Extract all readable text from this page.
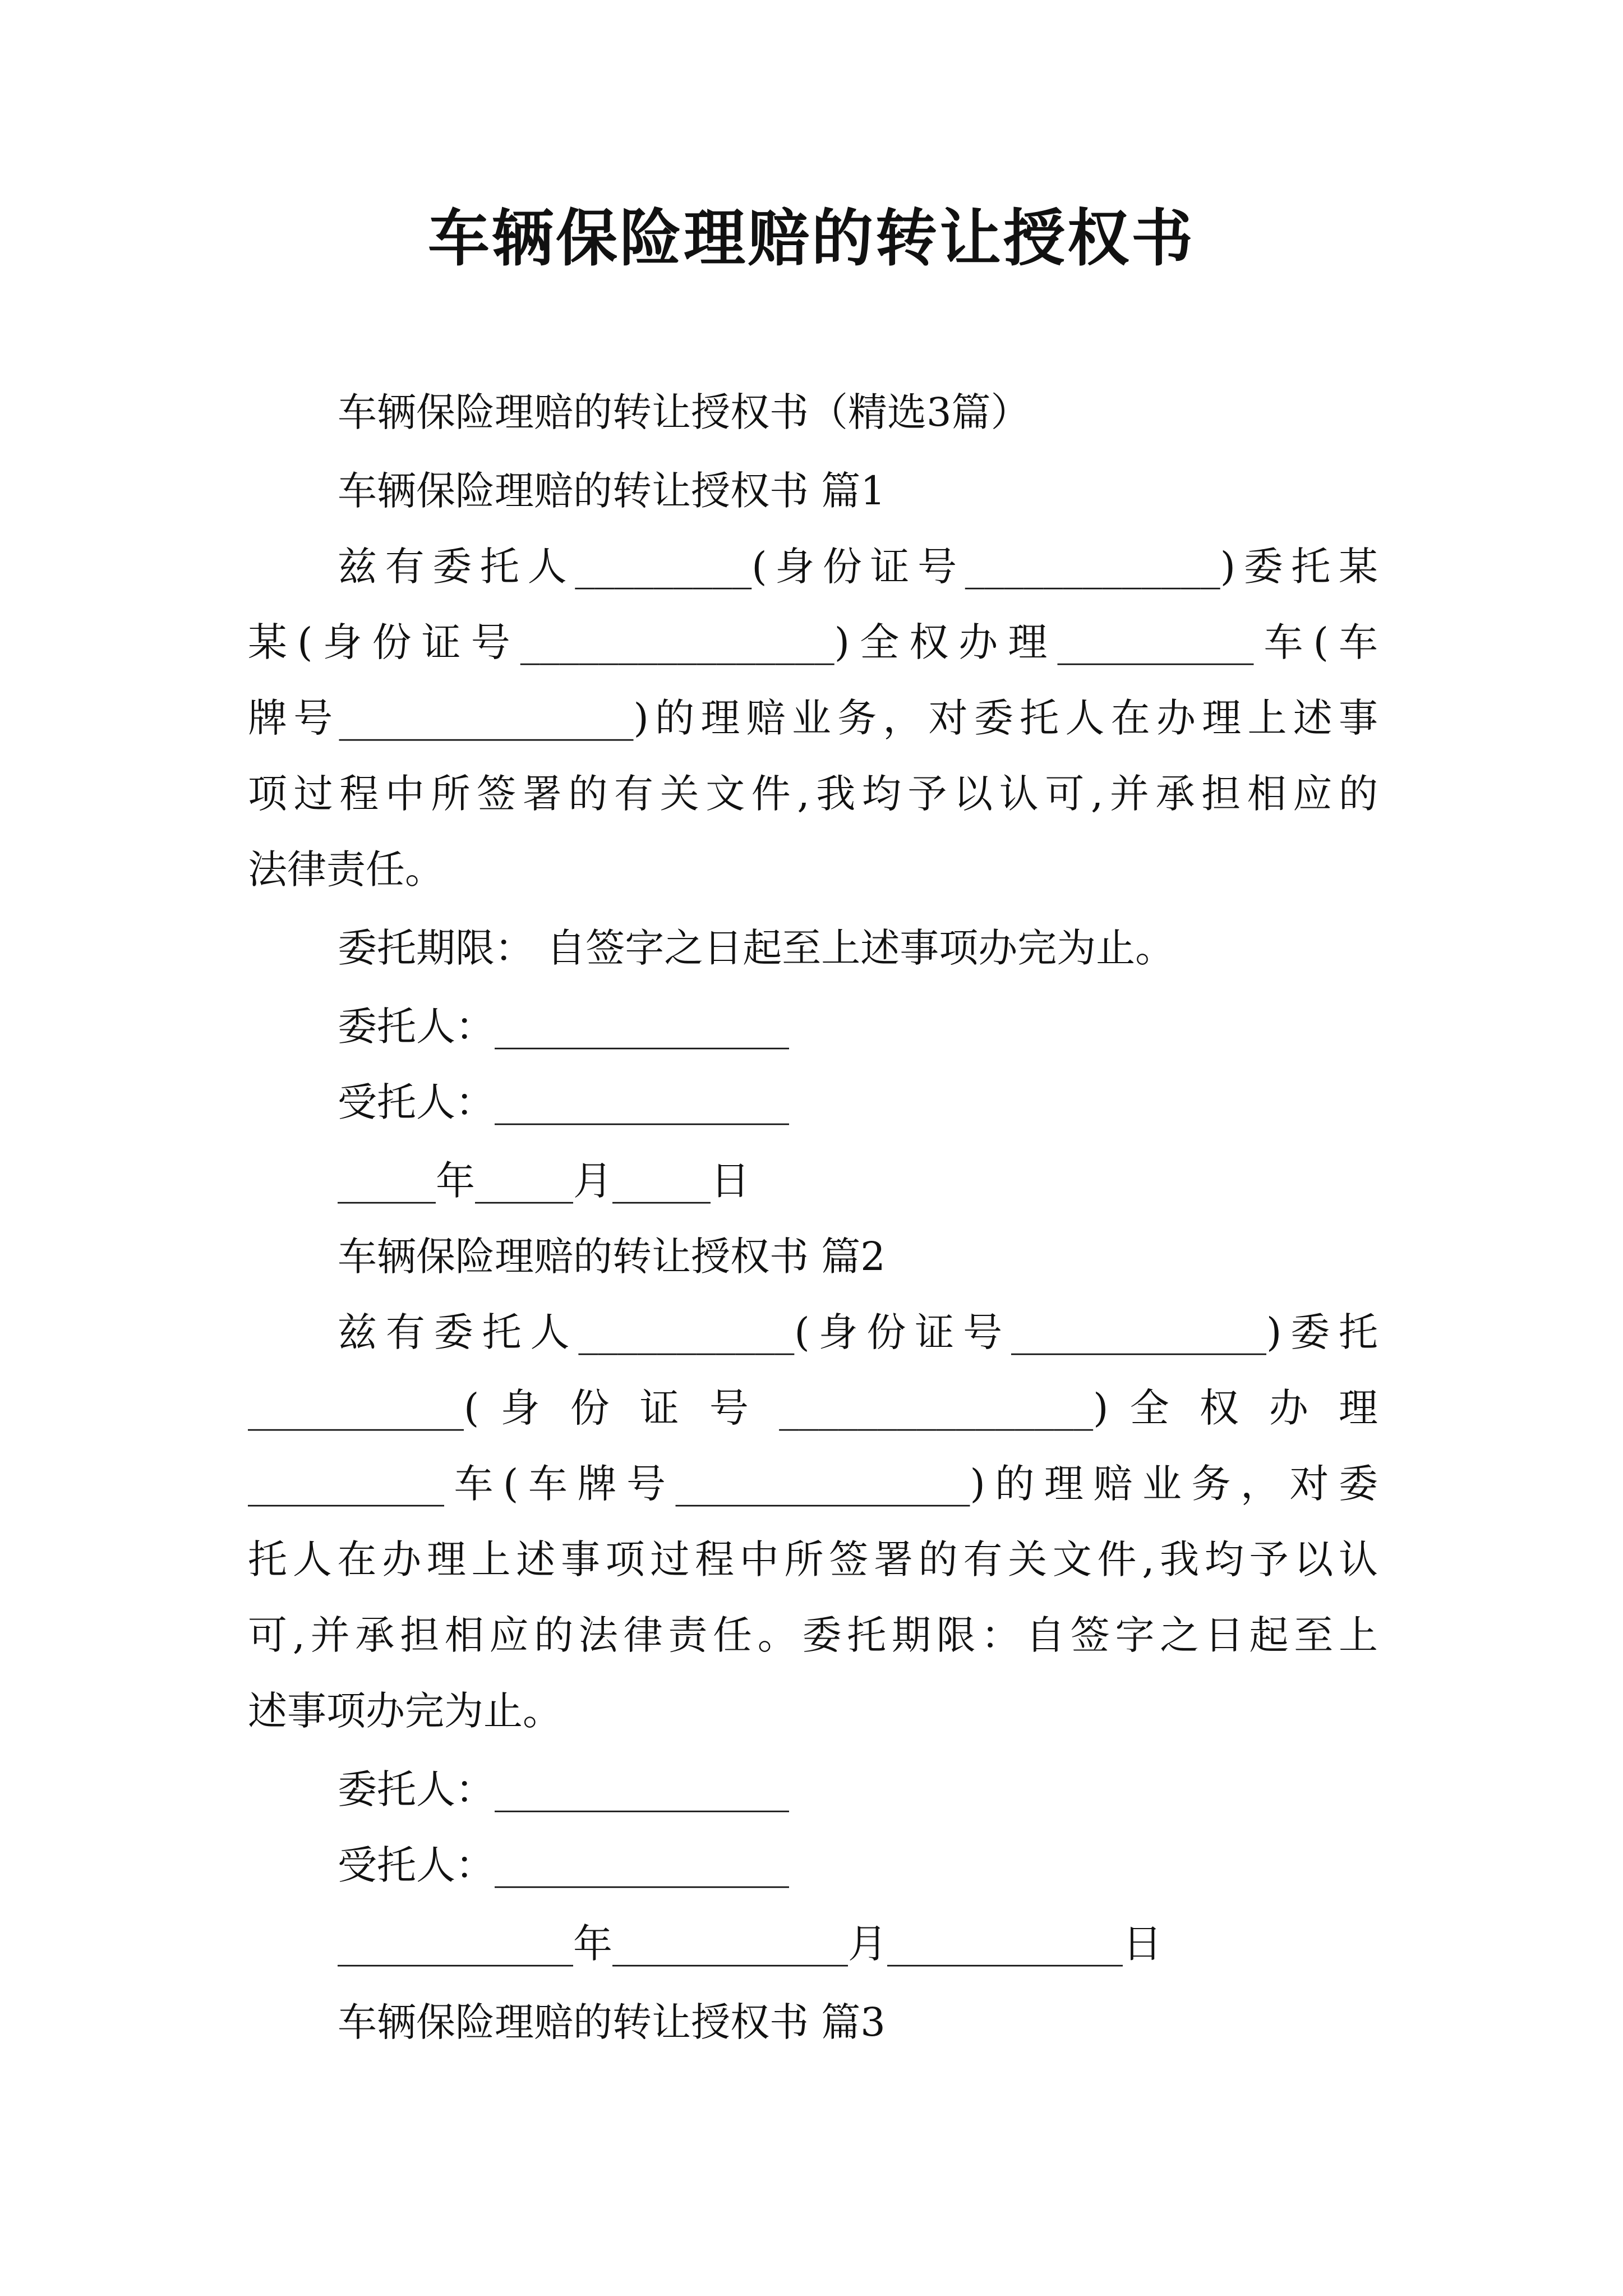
车辆保险理赔的转让授权书
车辆保险理赔的转让授权书（精选3篇）
车辆保险理赔的转让授权书 篇1
兹有委托人_________(身份证号_____________)委托某
某(身份证号________________)全权办理__________车(车
牌号_______________)的理赔业务，对委托人在办理上述事
项过程中所签署的有关文件,我均予以认可,并承担相应的
法律责任。
委托期限： 自签字之日起至上述事项办完为止。
委托人：_______________
受托人：_______________
_____年_____月_____日
车辆保险理赔的转让授权书 篇2
兹有委托人___________(身份证号_____________)委托
___________( 身 份 证 号 ________________) 全 权 办 理
__________车(车牌号_______________)的理赔业务，对委
托人在办理上述事项过程中所签署的有关文件,我均予以认
可,并承担相应的法律责任。委托期限：自签字之日起至上
述事项办完为止。
委托人：_______________
受托人：_______________
____________年____________月____________日
车辆保险理赔的转让授权书 篇3
